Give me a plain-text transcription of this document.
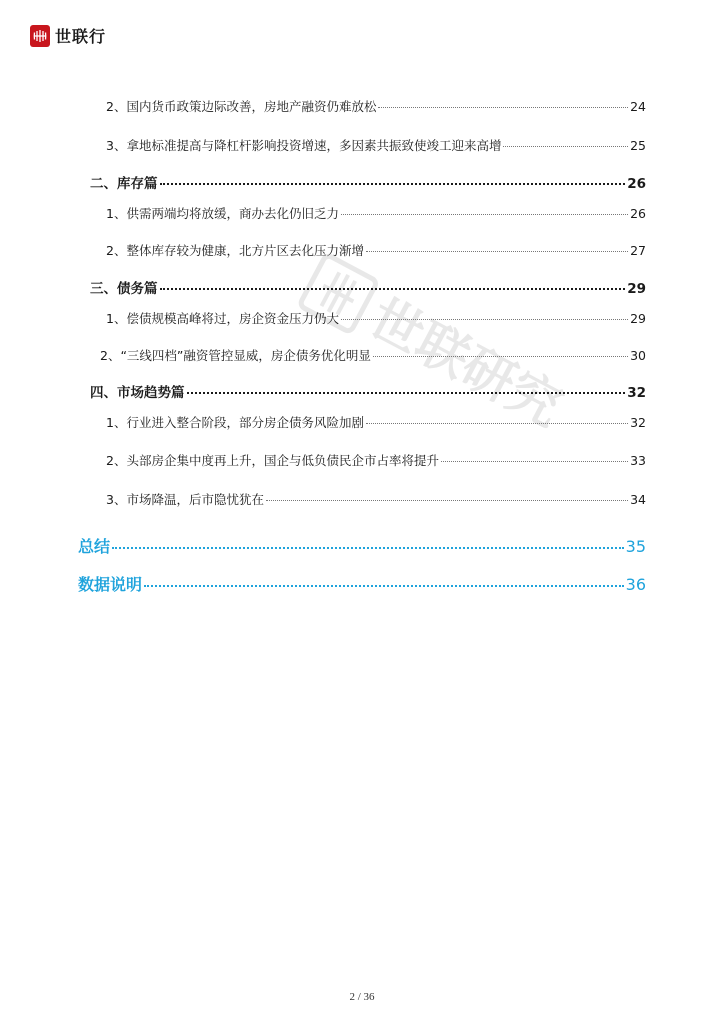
世联行
世联研究
2、国内货币政策边际改善，房地产融资仍难放松	24
3、拿地标准提高与降杠杆影响投资增速，多因素共振致使竣工迎来高增	25
二、库存篇	26
1、供需两端均将放缓，商办去化仍旧乏力	26
2、整体库存较为健康，北方片区去化压力渐增	27
三、债务篇	29
1、偿债规模高峰将过，房企资金压力仍大	29
2、“三线四档”融资管控显威，房企债务优化明显	30
四、市场趋势篇	32
1、行业进入整合阶段，部分房企债务风险加剧	32
2、头部房企集中度再上升，国企与低负债民企市占率将提升	33
3、市场降温，后市隐忧犹在	34
总结	35
数据说明	36
2 / 36
